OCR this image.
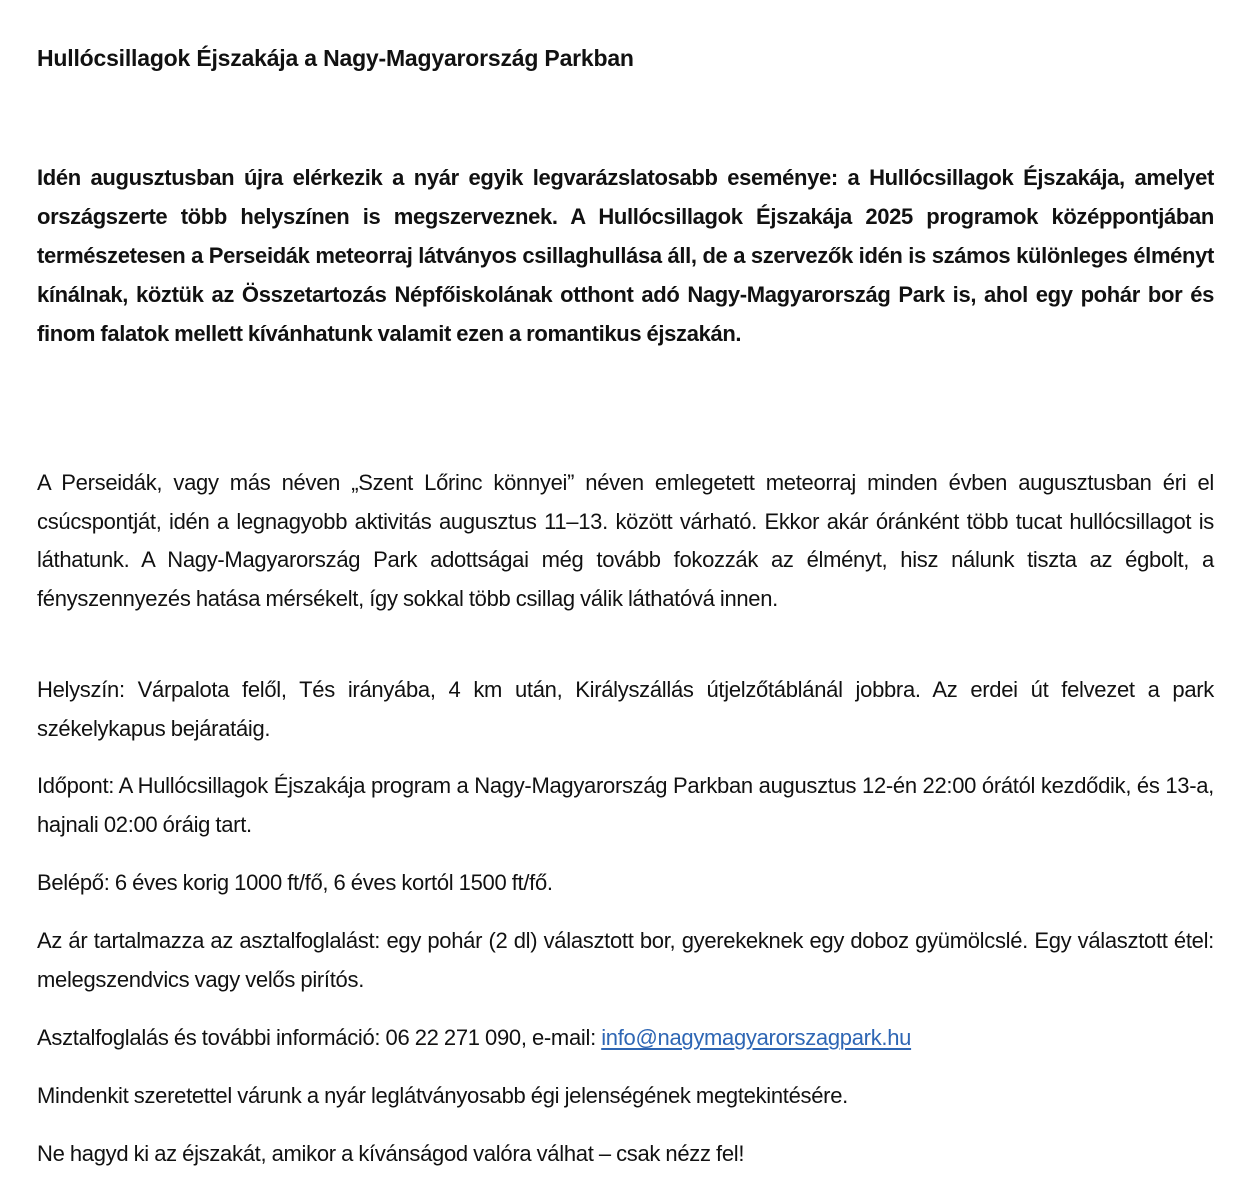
Hullócsillagok Éjszakája a Nagy-Magyarország Parkban

Idén augusztusban újra elérkezik a nyár egyik legvarázslatosabb eseménye: a Hullócsillagok Éjszakája, amelyet országszerte több helyszínen is megszerveznek. A Hullócsillagok Éjszakája 2025 programok középpontjában természetesen a Perseidák meteorraj látványos csillaghullása áll, de a szervezők idén is számos különleges élményt kínálnak, köztük az Összetartozás Népfőiskolának otthont adó Nagy-Magyarország Park is, ahol egy pohár bor és finom falatok mellett kívánhatunk valamit ezen a romantikus éjszakán.

A Perseidák, vagy más néven „Szent Lőrinc könnyei” néven emlegetett meteorraj minden évben augusztusban éri el csúcspontját, idén a legnagyobb aktivitás augusztus 11–13. között várható. Ekkor akár óránként több tucat hullócsillagot is láthatunk. A Nagy-Magyarország Park adottságai még tovább fokozzák az élményt, hisz nálunk tiszta az égbolt, a fényszennyezés hatása mérsékelt, így sokkal több csillag válik láthatóvá innen.

Helyszín: Várpalota felől, Tés irányába, 4 km után, Királyszállás útjelzőtáblánál jobbra. Az erdei út felvezet a park székelykapus bejáratáig.

Időpont: A Hullócsillagok Éjszakája program a Nagy-Magyarország Parkban augusztus 12-én 22:00 órától kezdődik, és 13-a, hajnali 02:00 óráig tart.

Belépő: 6 éves korig 1000 ft/fő, 6 éves kortól 1500 ft/fő.

Az ár tartalmazza az asztalfoglalást: egy pohár (2 dl) választott bor, gyerekeknek egy doboz gyümölcslé. Egy választott étel: melegszendvics vagy velős pirítós.

Asztalfoglalás és további információ: 06 22 271 090, e-mail: info@nagymagyarorszagpark.hu

Mindenkit szeretettel várunk a nyár leglátványosabb égi jelenségének megtekintésére.

Ne hagyd ki az éjszakát, amikor a kívánságod valóra válhat – csak nézz fel!
